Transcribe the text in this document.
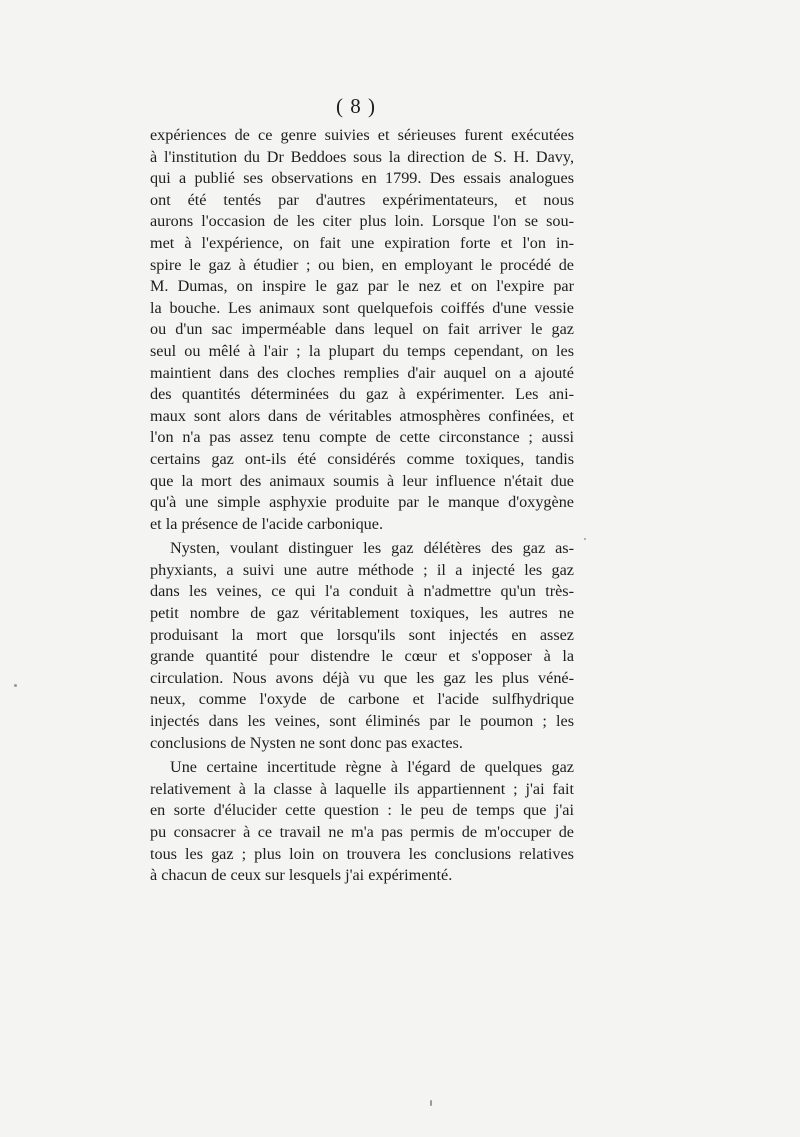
( 8 )
expériences de ce genre suivies et sérieuses furent exécutées
à l'institution du Dr Beddoes sous la direction de S. H. Davy,
qui a publié ses observations en 1799. Des essais analogues
ont été tentés par d'autres expérimentateurs, et nous
aurons l'occasion de les citer plus loin. Lorsque l'on se sou-
met à l'expérience, on fait une expiration forte et l'on in-
spire le gaz à étudier ; ou bien, en employant le procédé de
M. Dumas, on inspire le gaz par le nez et on l'expire par
la bouche. Les animaux sont quelquefois coiffés d'une vessie
ou d'un sac imperméable dans lequel on fait arriver le gaz
seul ou mêlé à l'air ; la plupart du temps cependant, on les
maintient dans des cloches remplies d'air auquel on a ajouté
des quantités déterminées du gaz à expérimenter. Les ani-
maux sont alors dans de véritables atmosphères confinées, et
l'on n'a pas assez tenu compte de cette circonstance ; aussi
certains gaz ont-ils été considérés comme toxiques, tandis
que la mort des animaux soumis à leur influence n'était due
qu'à une simple asphyxie produite par le manque d'oxygène
et la présence de l'acide carbonique.
Nysten, voulant distinguer les gaz délétères des gaz as-
phyxiants, a suivi une autre méthode ; il a injecté les gaz
dans les veines, ce qui l'a conduit à n'admettre qu'un très-
petit nombre de gaz véritablement toxiques, les autres ne
produisant la mort que lorsqu'ils sont injectés en assez
grande quantité pour distendre le cœur et s'opposer à la
circulation. Nous avons déjà vu que les gaz les plus véné-
neux, comme l'oxyde de carbone et l'acide sulfhydrique
injectés dans les veines, sont éliminés par le poumon ; les
conclusions de Nysten ne sont donc pas exactes.
Une certaine incertitude règne à l'égard de quelques gaz
relativement à la classe à laquelle ils appartiennent ; j'ai fait
en sorte d'élucider cette question : le peu de temps que j'ai
pu consacrer à ce travail ne m'a pas permis de m'occuper de
tous les gaz ; plus loin on trouvera les conclusions relatives
à chacun de ceux sur lesquels j'ai expérimenté.
